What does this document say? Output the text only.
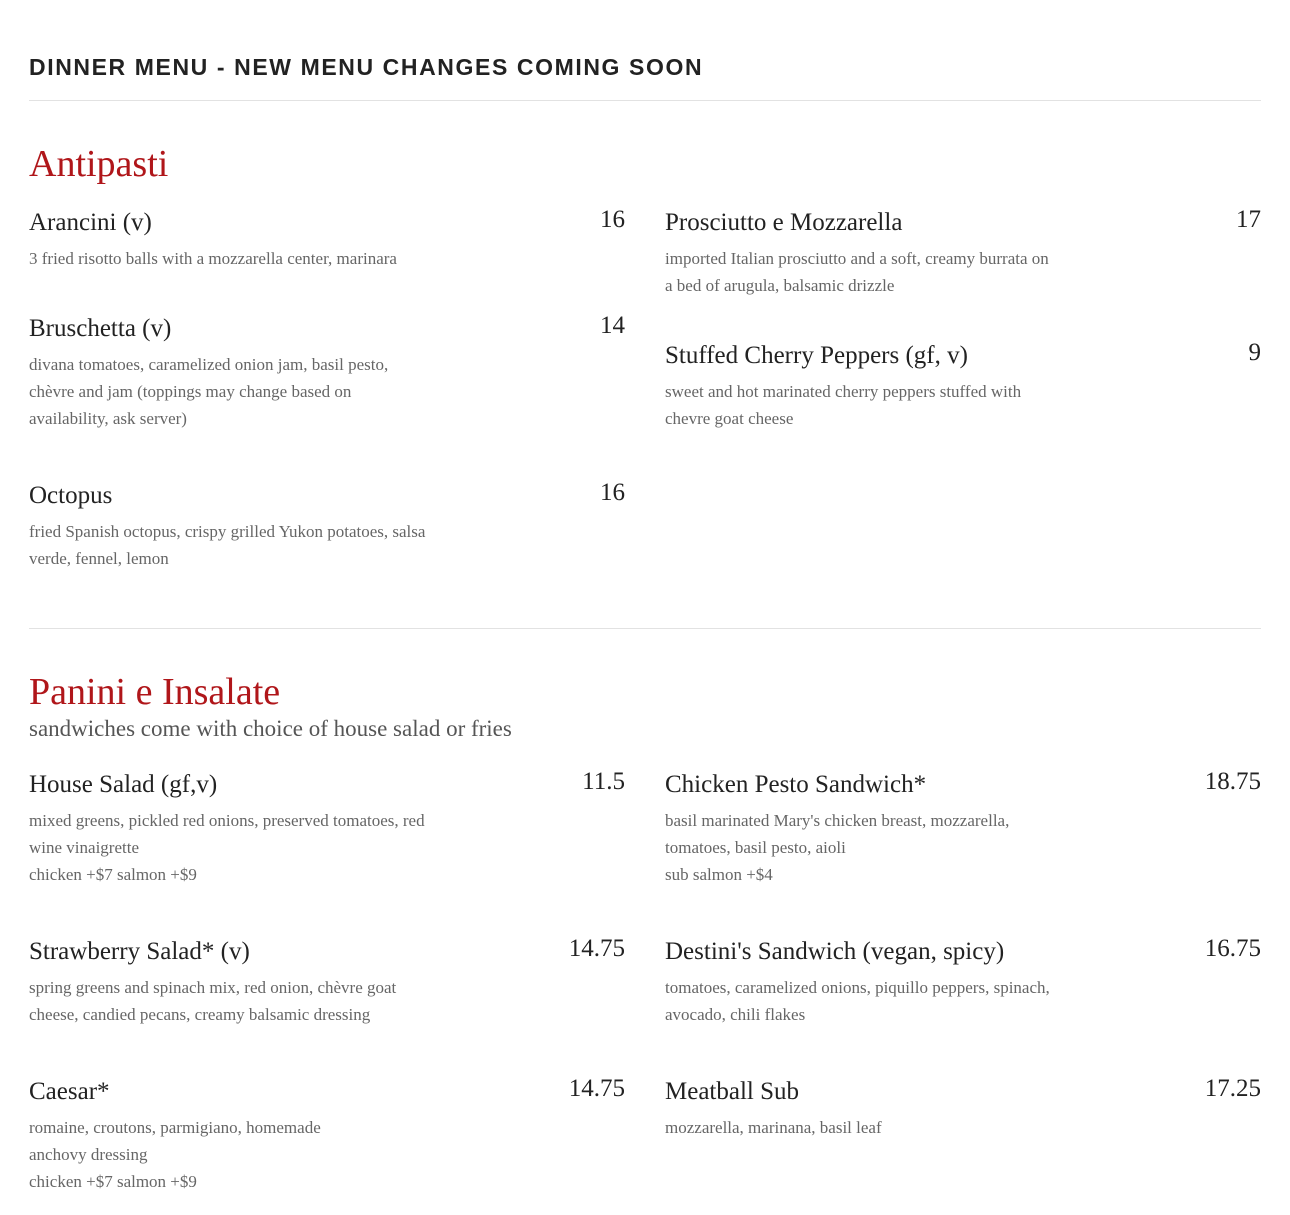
DINNER MENU - NEW MENU CHANGES COMING SOON
Antipasti
Arancini (v)	16
3 fried risotto balls with a mozzarella center, marinara
Bruschetta (v)	14
divana tomatoes, caramelized onion jam, basil pesto,
chèvre and jam (toppings may change based on
availability, ask server)
Octopus	16
fried Spanish octopus, crispy grilled Yukon potatoes, salsa
verde, fennel, lemon
Prosciutto e Mozzarella	17
imported Italian prosciutto and a soft, creamy burrata on
a bed of arugula, balsamic drizzle
Stuffed Cherry Peppers (gf, v)	9
sweet and hot marinated cherry peppers stuffed with
chevre goat cheese
Panini e Insalate

sandwiches come with choice of house salad or fries

House Salad (gf,v)	11.5
mixed greens, pickled red onions, preserved tomatoes, red
wine vinaigrette
chicken +$7 salmon +$9
Strawberry Salad* (v)	14.75
spring greens and spinach mix, red onion, chèvre goat
cheese, candied pecans, creamy balsamic dressing
Caesar*	14.75
romaine, croutons, parmigiano, homemade
anchovy dressing
chicken +$7 salmon +$9
Chicken Pesto Sandwich*	18.75
basil marinated Mary's chicken breast, mozzarella,
tomatoes, basil pesto, aioli
sub salmon +$4
Destini's Sandwich (vegan, spicy)	16.75
tomatoes, caramelized onions, piquillo peppers, spinach,
avocado, chili flakes
Meatball Sub	17.25
mozzarella, marinana, basil leaf
